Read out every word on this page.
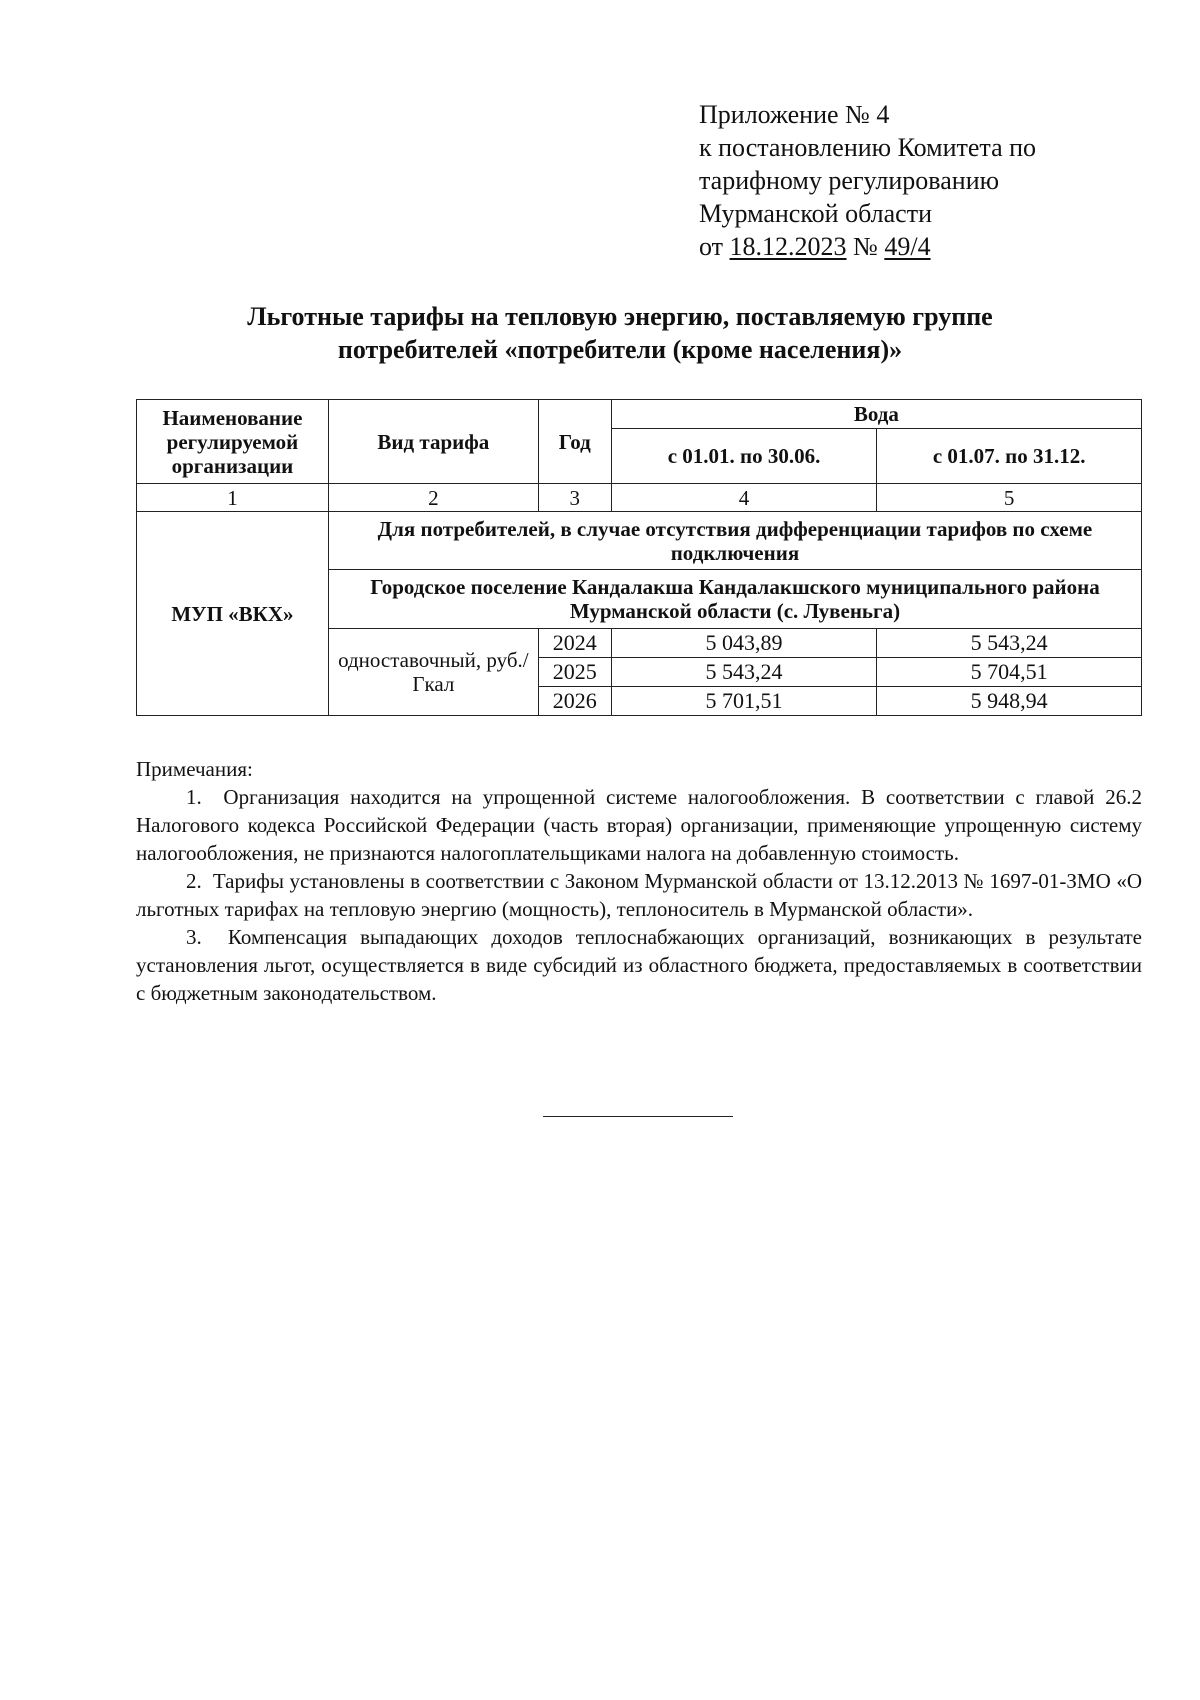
Приложение № 4
к постановлению Комитета по
тарифному регулированию
Мурманской области
от 18.12.2023 № 49/4
Льготные тарифы на тепловую энергию, поставляемую группе
потребителей «потребители (кроме населения)»
Наименование регулируемой организации	Вид тарифа	Год	Вода	
			с 01.01. по 30.06.	с 01.07. по 31.12.
1	2	3	4	5
МУП «ВКХ»	Для потребителей, в случае отсутствия дифференциации тарифов по схеме подключения			
	Городское поселение Кандалакша Кандалакшского муниципального района Мурманской области (с. Лувеньга)			
	одноставочный, руб./Гкал	2024	5 043,89	5 543,24
		2025	5 543,24	5 704,51
		2026	5 701,51	5 948,94

Примечания:

1.  Организация находится на упрощенной системе налогообложения. В соответствии с главой 26.2 Налогового кодекса Российской Федерации (часть вторая) организации, применяющие упрощенную систему налогообложения, не признаются налогоплательщиками налога на добавленную стоимость.

2.  Тарифы установлены в соответствии с Законом Мурманской области от 13.12.2013 № 1697-01-ЗМО «О льготных тарифах на тепловую энергию (мощность), теплоноситель в Мурманской области».

3.  Компенсация выпадающих доходов теплоснабжающих организаций, возникающих в результате установления льгот, осуществляется в виде субсидий из областного бюджета, предоставляемых в соответствии с бюджетным законодательством.
